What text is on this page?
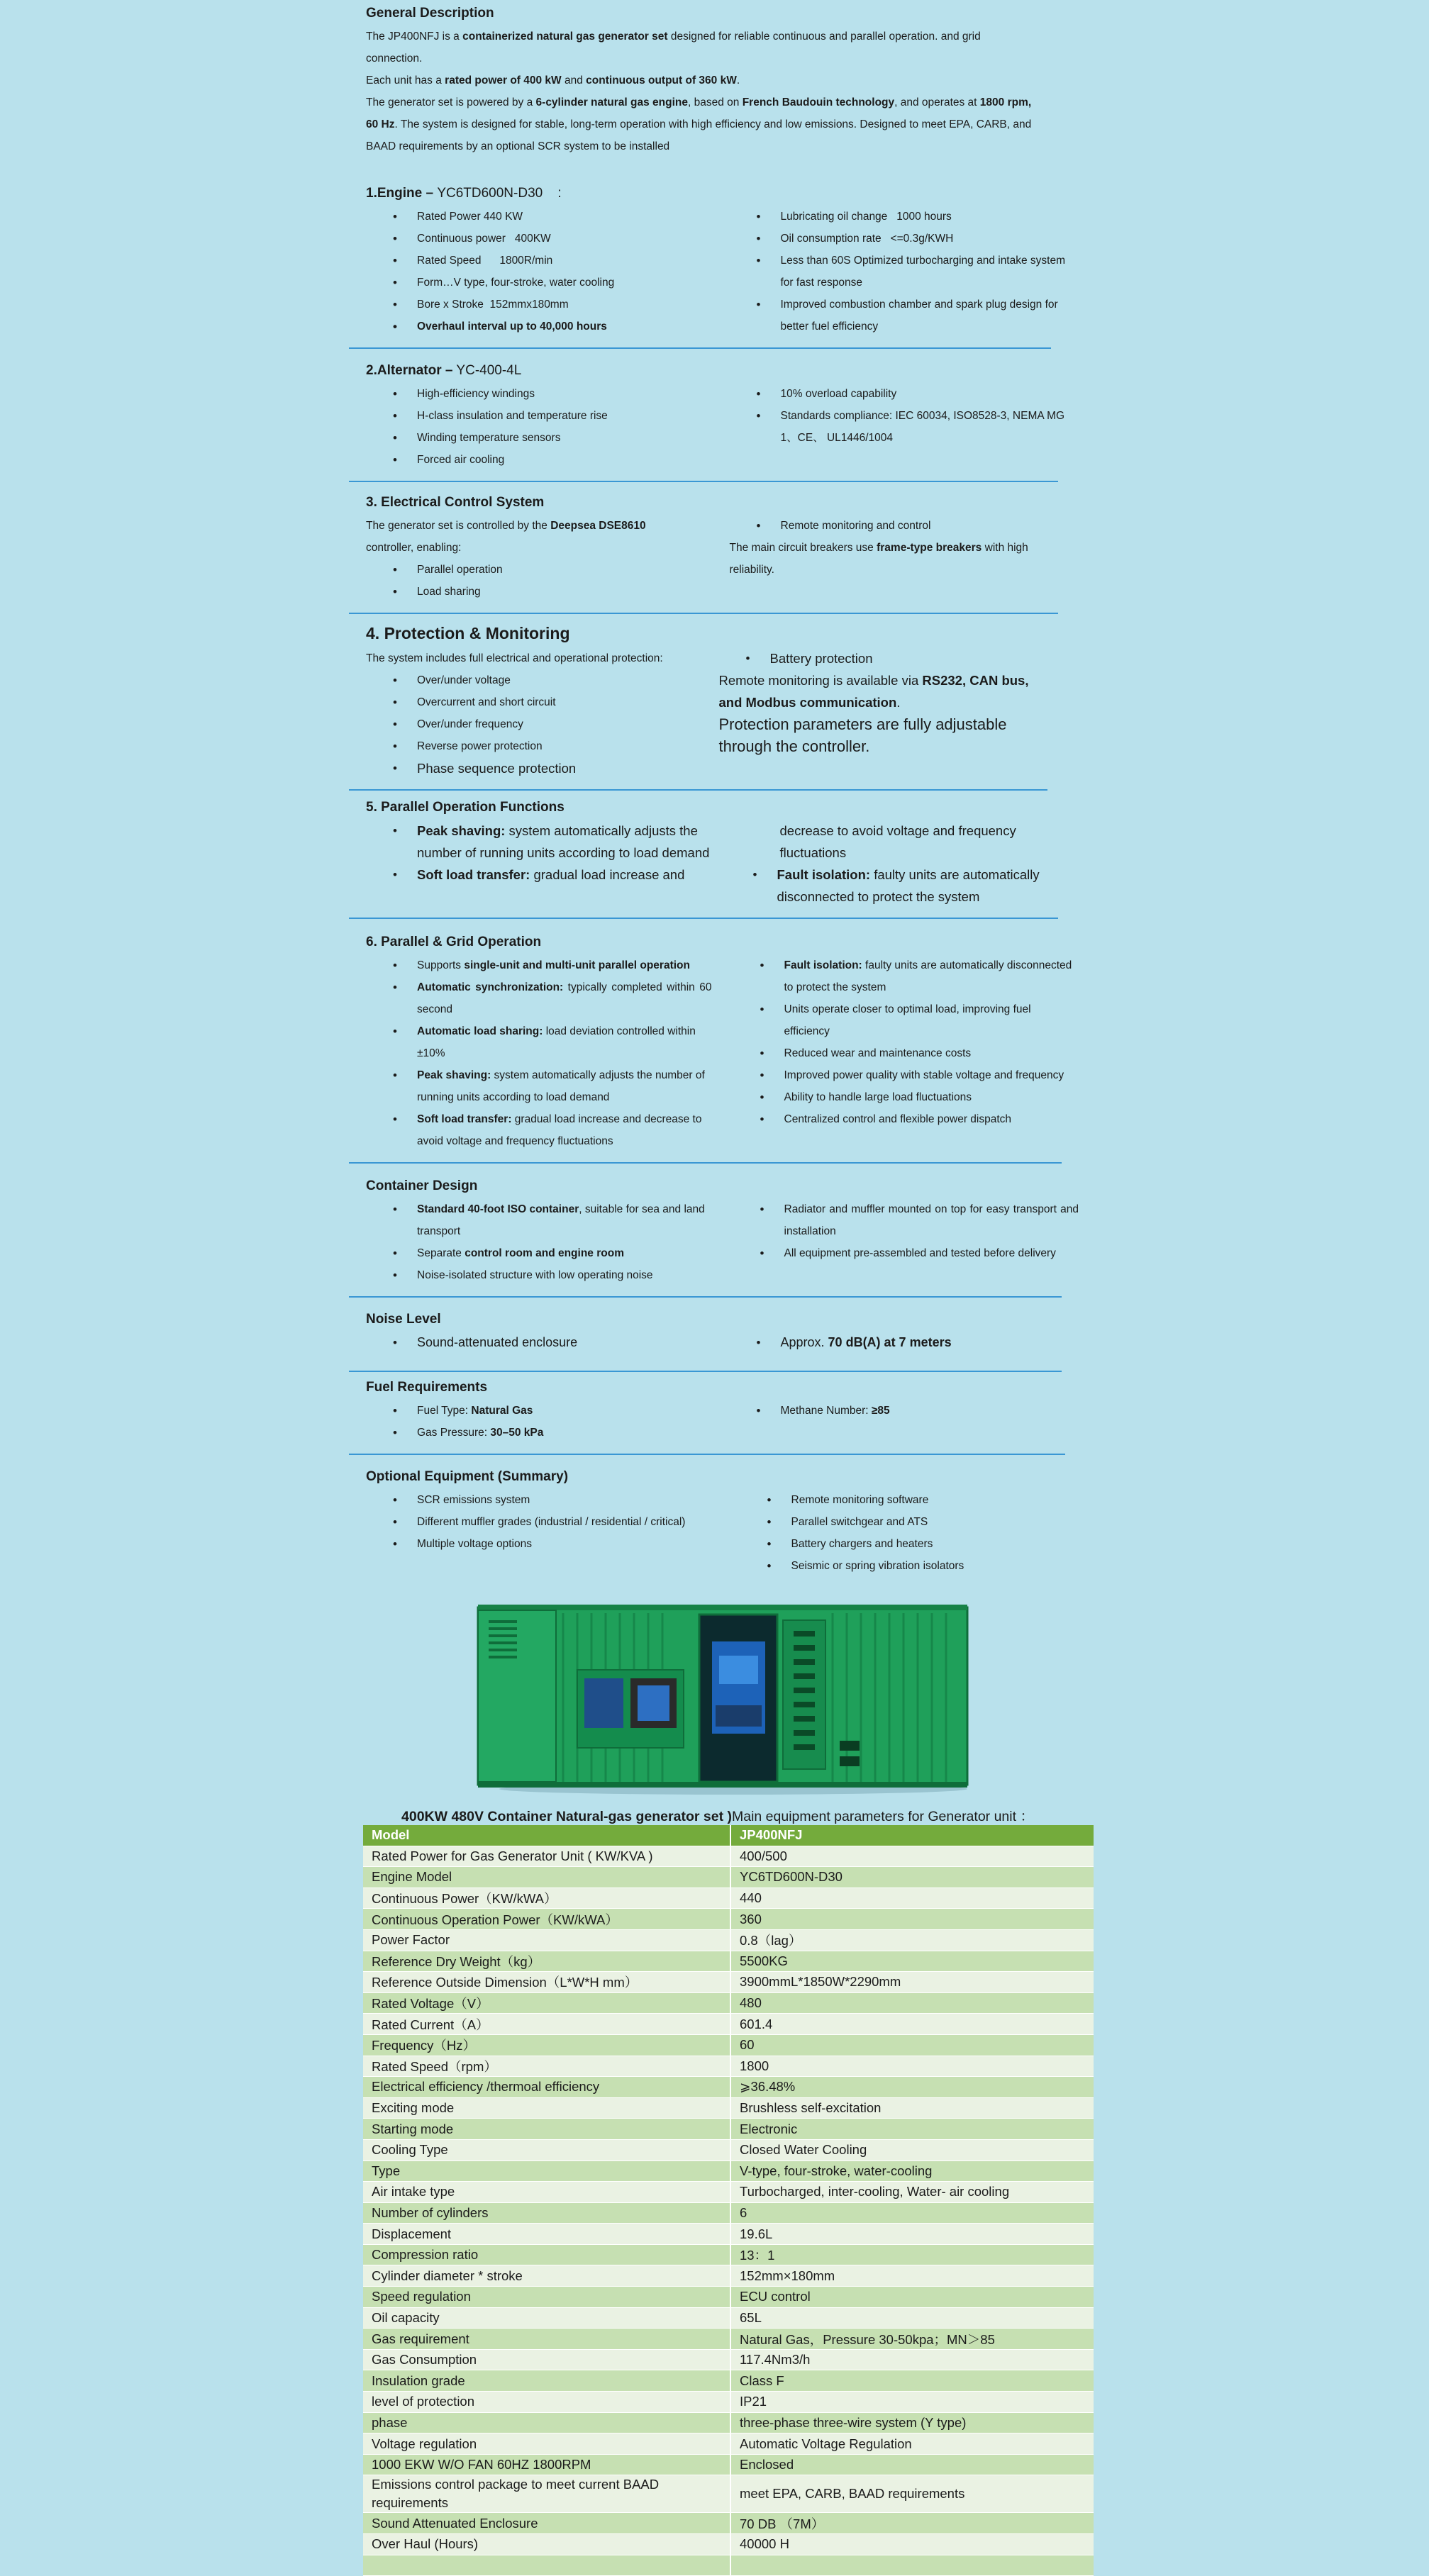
General Description

The JP400NFJ is a containerized natural gas generator set designed for reliable continuous and parallel operation. and grid
connection.

Each unit has a rated power of 400 kW and continuous output of 360 kW.

The generator set is powered by a 6-cylinder natural gas engine, based on French Baudouin technology, and operates at 1800 rpm,
60 Hz. The system is designed for stable, long-term operation with high efficiency and low emissions. Designed to meet EPA, CARB, and
BAAD requirements by an optional SCR system to be installed

1.Engine – YC6TD600N-D30    :
• Rated Power 440 KW
• Continuous power   400KW
• Rated Speed      1800R/min
• Form…V type, four-stroke, water cooling
• Bore x Stroke  152mmx180mm
• Overhaul interval up to 40,000 hours
• Lubricating oil change   1000 hours
• Oil consumption rate   <=0.3g/KWH
• Less than 60S Optimized turbocharging and intake system for fast response
• Improved combustion chamber and spark plug design for better fuel efficiency
2.Alternator – YC-400-4L
• High-efficiency windings
• H-class insulation and temperature rise
• Winding temperature sensors
• Forced air cooling
• 10% overload capability
• Standards compliance: IEC 60034, ISO8528-3, NEMA MG 1、CE、 UL1446/1004
3. Electrical Control System

The generator set is controlled by the Deepsea DSE8610
controller, enabling:

• Parallel operation
• Load sharing
• Remote monitoring and control

The main circuit breakers use frame-type breakers with high
reliability.

4. Protection & Monitoring

The system includes full electrical and operational protection:

• Over/under voltage
• Overcurrent and short circuit
• Over/under frequency
• Reverse power protection
• Phase sequence protection
• Battery protection

Remote monitoring is available via RS232, CAN bus,
and Modbus communication.

Protection parameters are fully adjustable
through the controller.

5. Parallel Operation Functions
• Peak shaving: system automatically adjusts the number of running units according to load demand
• Soft load transfer: gradual load increase and

decrease to avoid voltage and frequency fluctuations

• Fault isolation: faulty units are automatically disconnected to protect the system
6. Parallel & Grid Operation
• Supports single-unit and multi-unit parallel operation
• Automatic synchronization: typically completed within 60 second
• Automatic load sharing: load deviation controlled within ±10%
• Peak shaving: system automatically adjusts the number of running units according to load demand
• Soft load transfer: gradual load increase and decrease to avoid voltage and frequency fluctuations
• Fault isolation: faulty units are automatically disconnected to protect the system
• Units operate closer to optimal load, improving fuel efficiency
• Reduced wear and maintenance costs
• Improved power quality with stable voltage and frequency
• Ability to handle large load fluctuations
• Centralized control and flexible power dispatch
Container Design
• Standard 40-foot ISO container, suitable for sea and land transport
• Separate control room and engine room
• Noise-isolated structure with low operating noise
• Radiator and muffler mounted on top for easy transport and installation
• All equipment pre-assembled and tested before delivery
Noise Level
• Sound-attenuated enclosure	• Approx. 70 dB(A) at 7 meters
Fuel Requirements
• Fuel Type: Natural Gas
• Gas Pressure: 30–50 kPa
• Methane Number: ≥85
Optional Equipment (Summary)
• SCR emissions system
• Different muffler grades (industrial / residential / critical)
• Multiple voltage options
• Remote monitoring software
• Parallel switchgear and ATS
• Battery chargers and heaters
• Seismic or spring vibration isolators
400KW 480V Container Natural-gas generator set )Main equipment parameters for Generator unit ：
Model	JP400NFJ
Rated Power for Gas Generator Unit ( KW/KVA )	400/500
Engine Model	YC6TD600N-D30
Continuous Power（KW/kWA）	440
Continuous Operation Power（KW/kWA）	360
Power Factor	0.8（lag）
Reference Dry Weight（kg）	5500KG
Reference Outside Dimension（L*W*H mm）	3900mmL*1850W*2290mm
Rated Voltage（V）	480
Rated Current（A）	601.4
Frequency（Hz）	60
Rated Speed（rpm）	1800
Electrical efficiency /thermoal efficiency	⩾36.48%
Exciting mode	Brushless self-excitation
Starting mode	Electronic
Cooling Type	Closed Water Cooling
Type	V-type, four-stroke, water-cooling
Air intake type	Turbocharged, inter-cooling, Water- air cooling
Number of cylinders	6
Displacement	19.6L
Compression ratio	13：1
Cylinder diameter * stroke	152mm×180mm
Speed regulation	ECU control
Oil capacity	65L
Gas requirement	Natural Gas，Pressure 30-50kpa；MN＞85
Gas Consumption	117.4Nm3/h
Insulation grade	Class F
level of protection	IP21
phase	three-phase three-wire system (Y type)
Voltage regulation	Automatic Voltage Regulation
1000 EKW W/O FAN 60HZ 1800RPM	Enclosed
Emissions control package to meet current BAAD requirements	meet EPA, CARB, BAAD requirements
Sound Attenuated Enclosure	70 DB （7M）
Over Haul (Hours)	40000 H
